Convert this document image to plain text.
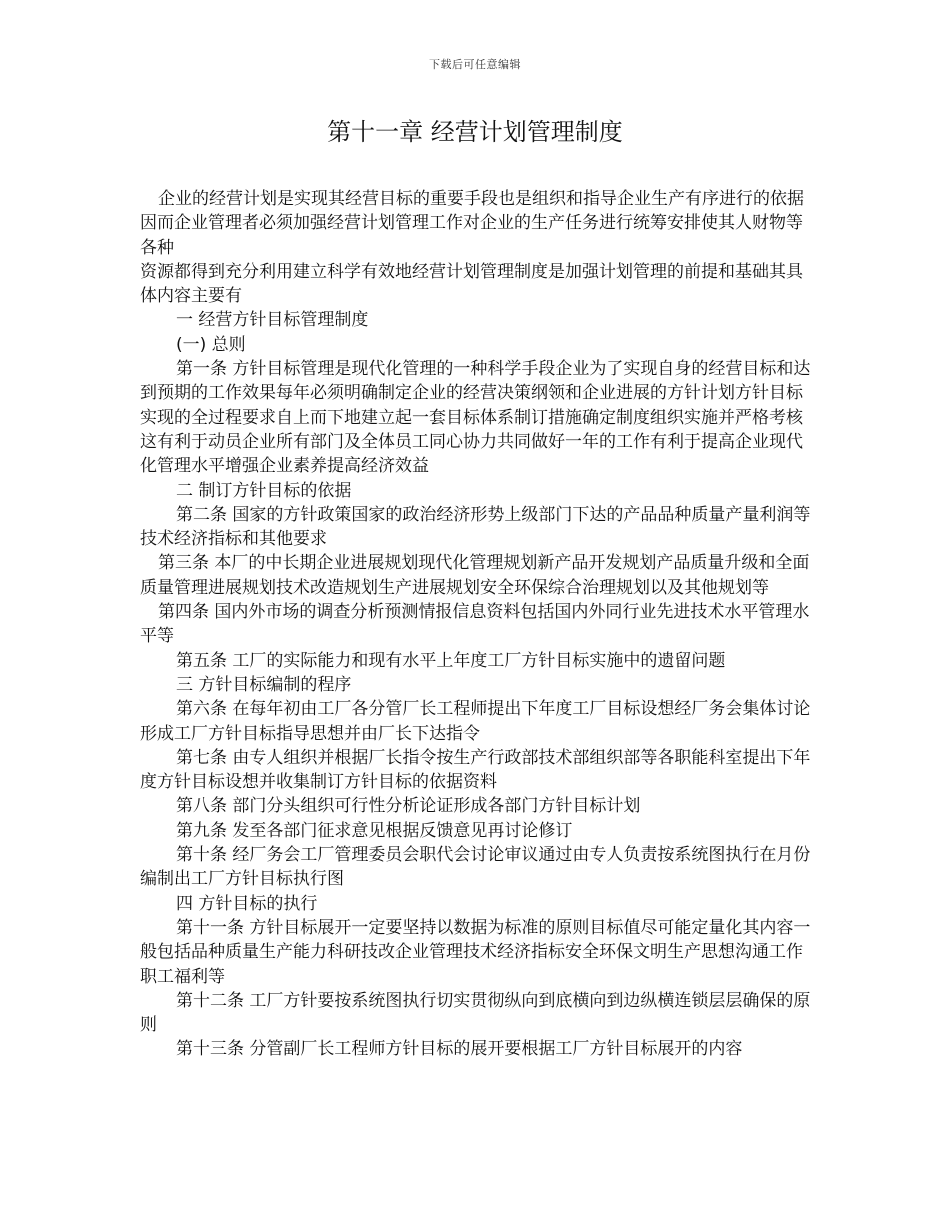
下载后可任意编辑
第十一章 经营计划管理制度

企业的经营计划是实现其经营目标的重要手段也是组织和指导企业生产有序进行的依据因而企业管理者必须加强经营计划管理工作对企业的生产任务进行统筹安排使其人财物等各种

资源都得到充分利用建立科学有效地经营计划管理制度是加强计划管理的前提和基础其具体内容主要有

一 经营方针目标管理制度

(一) 总则

第一条 方针目标管理是现代化管理的一种科学手段企业为了实现自身的经营目标和达到预期的工作效果每年必须明确制定企业的经营决策纲领和企业进展的方针计划方针目标实现的全过程要求自上而下地建立起一套目标体系制订措施确定制度组织实施并严格考核这有利于动员企业所有部门及全体员工同心协力共同做好一年的工作有利于提高企业现代化管理水平增强企业素养提高经济效益

二 制订方针目标的依据

第二条 国家的方针政策国家的政治经济形势上级部门下达的产品品种质量产量利润等技术经济指标和其他要求

第三条 本厂的中长期企业进展规划现代化管理规划新产品开发规划产品质量升级和全面质量管理进展规划技术改造规划生产进展规划安全环保综合治理规划以及其他规划等

第四条 国内外市场的调查分析预测情报信息资料包括国内外同行业先进技术水平管理水平等

第五条 工厂的实际能力和现有水平上年度工厂方针目标实施中的遗留问题

三 方针目标编制的程序

第六条 在每年初由工厂各分管厂长工程师提出下年度工厂目标设想经厂务会集体讨论形成工厂方针目标指导思想并由厂长下达指令

第七条 由专人组织并根据厂长指令按生产行政部技术部组织部等各职能科室提出下年度方针目标设想并收集制订方针目标的依据资料

第八条 部门分头组织可行性分析论证形成各部门方针目标计划

第九条 发至各部门征求意见根据反馈意见再讨论修订

第十条 经厂务会工厂管理委员会职代会讨论审议通过由专人负责按系统图执行在月份编制出工厂方针目标执行图

四 方针目标的执行

第十一条 方针目标展开一定要坚持以数据为标准的原则目标值尽可能定量化其内容一般包括品种质量生产能力科研技改企业管理技术经济指标安全环保文明生产思想沟通工作职工福利等

第十二条 工厂方针要按系统图执行切实贯彻纵向到底横向到边纵横连锁层层确保的原则

第十三条 分管副厂长工程师方针目标的展开要根据工厂方针目标展开的内容
